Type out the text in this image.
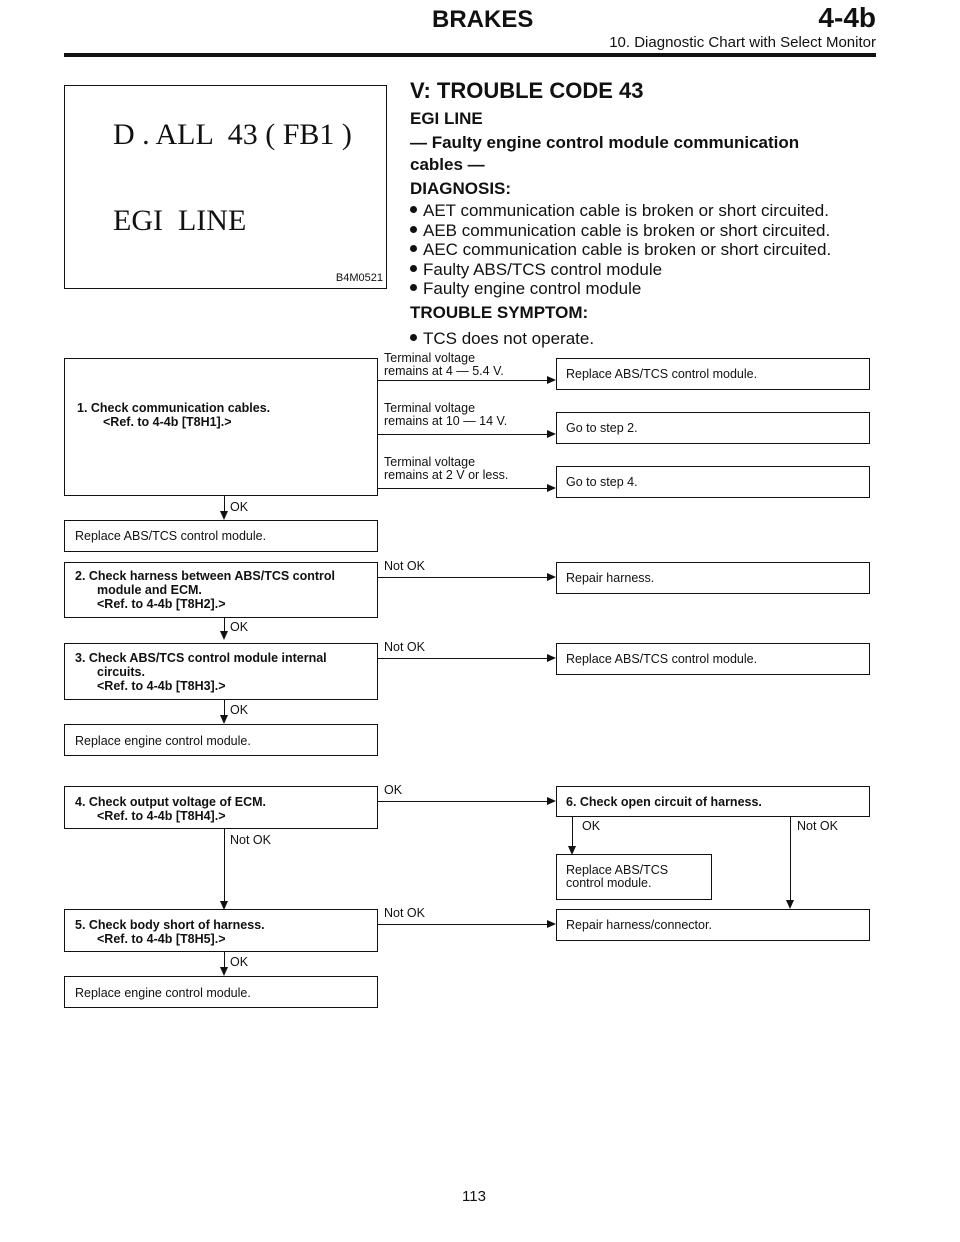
BRAKES	4-4b
10. Diagnostic Chart with Select Monitor
D . ALL  43 ( FB1 )
EGI  LINE
B4M0521
V: TROUBLE CODE 43
EGI LINE
— Faulty engine control module communication
cables —
DIAGNOSIS:
AET communication cable is broken or short circuited.
AEB communication cable is broken or short circuited.
AEC communication cable is broken or short circuited.
Faulty ABS/TCS control module
Faulty engine control module
TROUBLE SYMPTOM:
TCS does not operate.
1. Check communication cables.
<Ref. to 4-4b [T8H1].>
Terminal voltage
remains at 4 — 5.4 V.	Replace ABS/TCS control module.
Terminal voltage
remains at 10 — 14 V.	Go to step 2.
Terminal voltage
remains at 2 V or less.	Go to step 4.
OK
Replace ABS/TCS control module.
2. Check harness between ABS/TCS control
module and ECM.
<Ref. to 4-4b [T8H2].>
Not OK
Repair harness.
OK
3. Check ABS/TCS control module internal
circuits.
<Ref. to 4-4b [T8H3].>
Not OK
Replace ABS/TCS control module.
OK
Replace engine control module.
4. Check output voltage of ECM.
<Ref. to 4-4b [T8H4].>
OK
6. Check open circuit of harness.
OK
Replace ABS/TCS
control module.
Not OK
Not OK
5. Check body short of harness.
<Ref. to 4-4b [T8H5].>
Not OK
Repair harness/connector.
OK
Replace engine control module.
113
